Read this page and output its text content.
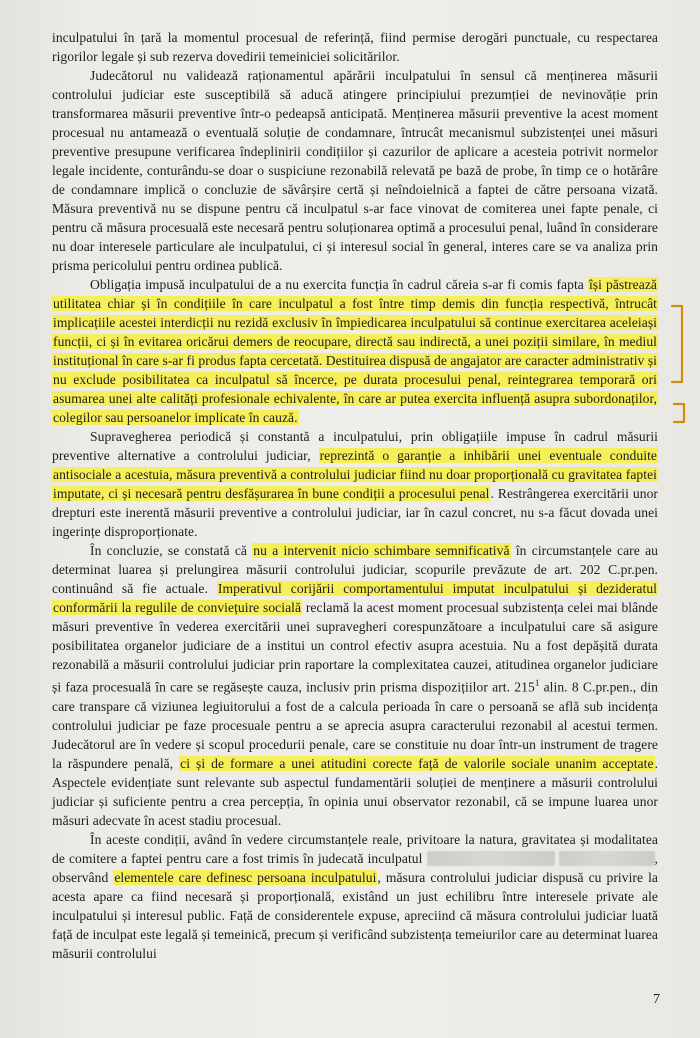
inculpatului în țară la momentul procesual de referință, fiind permise derogări punctuale, cu respectarea rigorilor legale și sub rezerva dovedirii temeiniciei solicitărilor.

Judecătorul nu validează raționamentul apărării inculpatului în sensul că menținerea măsurii controlului judiciar este susceptibilă să aducă atingere principiului prezumției de nevinovăție prin transformarea măsurii preventive într-o pedeapsă anticipată. Menținerea măsurii preventive la acest moment procesual nu antamează o eventuală soluție de condamnare, întrucât mecanismul subzistenței unei măsuri preventive presupune verificarea îndeplinirii condițiilor și cazurilor de aplicare a acesteia potrivit normelor legale incidente, conturându-se doar o suspiciune rezonabilă relevată pe bază de probe, în timp ce o hotărâre de condamnare implică o concluzie de săvârșire certă și neîndoielnică a faptei de către persoana vizată. Măsura preventivă nu se dispune pentru că inculpatul s-ar face vinovat de comiterea unei fapte penale, ci pentru că măsura procesuală este necesară pentru soluționarea optimă a procesului penal, luând în considerare nu doar interesele particulare ale inculpatului, ci și interesul social în general, interes care se va analiza prin prisma pericolului pentru ordinea publică.

Obligația impusă inculpatului de a nu exercita funcția în cadrul căreia s-ar fi comis fapta își păstrează utilitatea chiar și în condițiile în care inculpatul a fost între timp demis din funcția respectivă, întrucât implicațiile acestei interdicții nu rezidă exclusiv în împiedicarea inculpatului să continue exercitarea aceleiași funcții, ci și în evitarea oricărui demers de reocupare, directă sau indirectă, a unei poziții similare, în mediul instituțional în care s-ar fi produs fapta cercetată. Destituirea dispusă de angajator are caracter administrativ și nu exclude posibilitatea ca inculpatul să încerce, pe durata procesului penal, reintegrarea temporară ori asumarea unei alte calități profesionale echivalente, în care ar putea exercita influență asupra subordonaților, colegilor sau persoanelor implicate în cauză.

Supravegherea periodică și constantă a inculpatului, prin obligațiile impuse în cadrul măsurii preventive alternative a controlului judiciar, reprezintă o garanție a inhibării unei eventuale conduite antisociale a acestuia, măsura preventivă a controlului judiciar fiind nu doar proporțională cu gravitatea faptei imputate, ci și necesară pentru desfășurarea în bune condiții a procesului penal. Restrângerea exercitării unor drepturi este inerentă măsurii preventive a controlului judiciar, iar în cazul concret, nu s-a făcut dovada unei ingerințe disproporționate.

În concluzie, se constată că nu a intervenit nicio schimbare semnificativă în circumstanțele care au determinat luarea și prelungirea măsurii controlului judiciar, scopurile prevăzute de art. 202 C.pr.pen. continuând să fie actuale. Imperativul corijării comportamentului imputat inculpatului și dezideratul conformării la regulile de conviețuire socială reclamă la acest moment procesual subzistența celei mai blânde măsuri preventive în vederea exercitării unei supravegheri corespunzătoare a inculpatului care să asigure posibilitatea organelor judiciare de a institui un control efectiv asupra acestuia. Nu a fost depășită durata rezonabilă a măsurii controlului judiciar prin raportare la complexitatea cauzei, atitudinea organelor judiciare și faza procesuală în care se regăsește cauza, inclusiv prin prisma dispozițiilor art. $215^1$ alin. 8 C.pr.pen., din care transpare că viziunea legiuitorului a fost de a calcula perioada în care o persoană se află sub incidența controlului judiciar pe faze procesuale pentru a se aprecia asupra caracterului rezonabil al acestui termen. Judecătorul are în vedere și scopul procedurii penale, care se constituie nu doar într-un instrument de tragere la răspundere penală, ci și de formare a unei atitudini corecte față de valorile sociale unanim acceptate. Aspectele evidențiate sunt relevante sub aspectul fundamentării soluției de menținere a măsurii controlului judiciar și suficiente pentru a crea percepția, în opinia unui observator rezonabil, că se impune luarea unor măsuri adecvate în acest stadiu procesual.

În aceste condiții, având în vedere circumstanțele reale, privitoare la natura, gravitatea și modalitatea de comitere a faptei pentru care a fost trimis în judecată inculpatul	, observând elementele care definesc persoana inculpatului, măsura controlului judiciar dispusă cu privire la acesta apare ca fiind necesară și proporțională, existând un just echilibru între interesele private ale inculpatului și interesul public. Față de considerentele expuse, apreciind că măsura controlului judiciar luată față de inculpat este legală și temeinică, precum și verificând subzistența temeiurilor care au determinat luarea măsurii controlului

7
